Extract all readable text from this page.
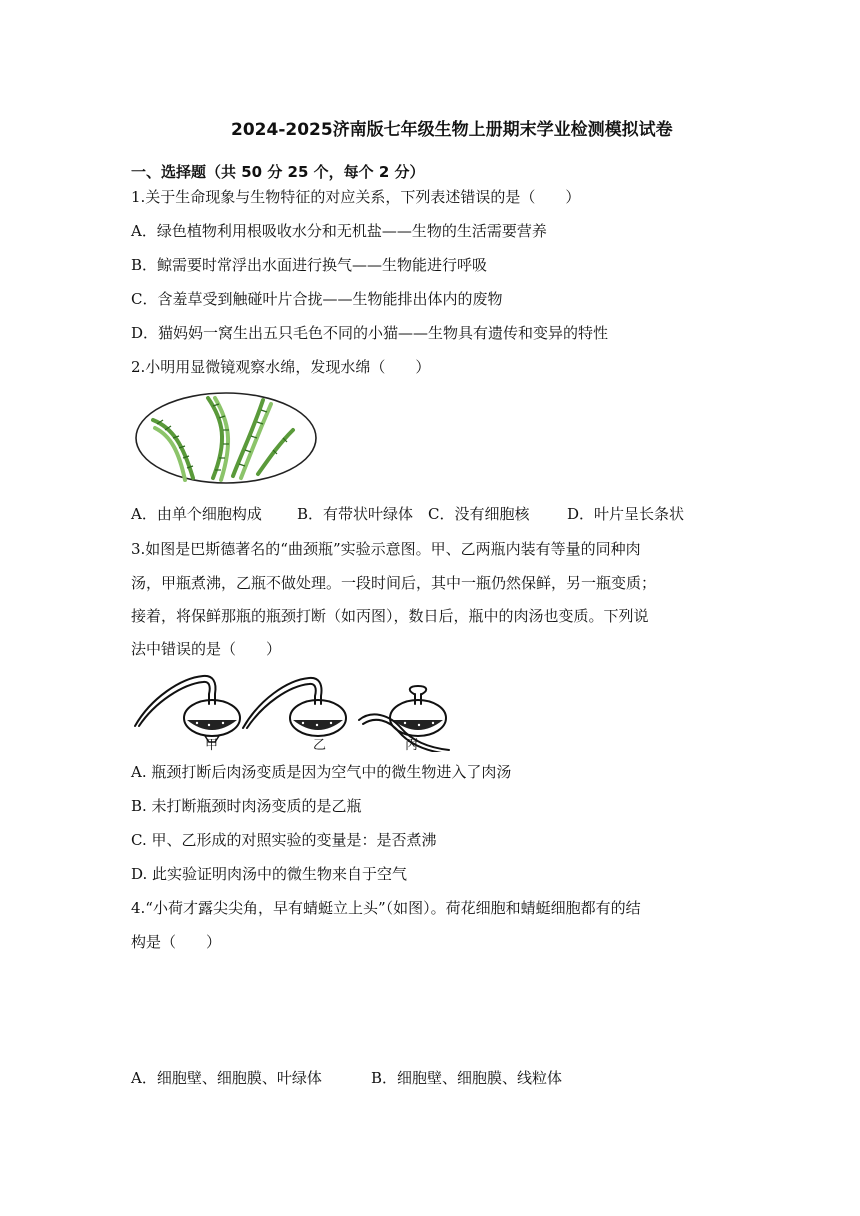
2024-2025济南版七年级生物上册期末学业检测模拟试卷
一、选择题（共 50 分 25 个，每个 2 分）
1.关于生命现象与生物特征的对应关系，下列表述错误的是（　　）
A．绿色植物利用根吸收水分和无机盐——生物的生活需要营养
B．鲸需要时常浮出水面进行换气——生物能进行呼吸
C．含羞草受到触碰叶片合拢——生物能排出体内的废物
D．猫妈妈一窝生出五只毛色不同的小猫——生物具有遗传和变异的特性
2.小明用显微镜观察水绵，发现水绵（　　）
A．由单个细胞构成 B．有带状叶绿体 C．没有细胞核	D．叶片呈长条状
3.如图是巴斯德著名的“曲颈瓶”实验示意图。甲、乙两瓶内装有等量的同种肉
汤，甲瓶煮沸，乙瓶不做处理。一段时间后，其中一瓶仍然保鲜，另一瓶变质；
接着，将保鲜那瓶的瓶颈打断（如丙图），数日后，瓶中的肉汤也变质。下列说
法中错误的是（　　）
甲	乙	丙
A. 瓶颈打断后肉汤变质是因为空气中的微生物进入了肉汤
B. 未打断瓶颈时肉汤变质的是乙瓶
C. 甲、乙形成的对照实验的变量是：是否煮沸
D. 此实验证明肉汤中的微生物来自于空气
4.“小荷才露尖尖角，早有蜻蜓立上头”（如图）。荷花细胞和蜻蜓细胞都有的结
构是（　　）
A．细胞壁、细胞膜、叶绿体	B．细胞壁、细胞膜、线粒体
